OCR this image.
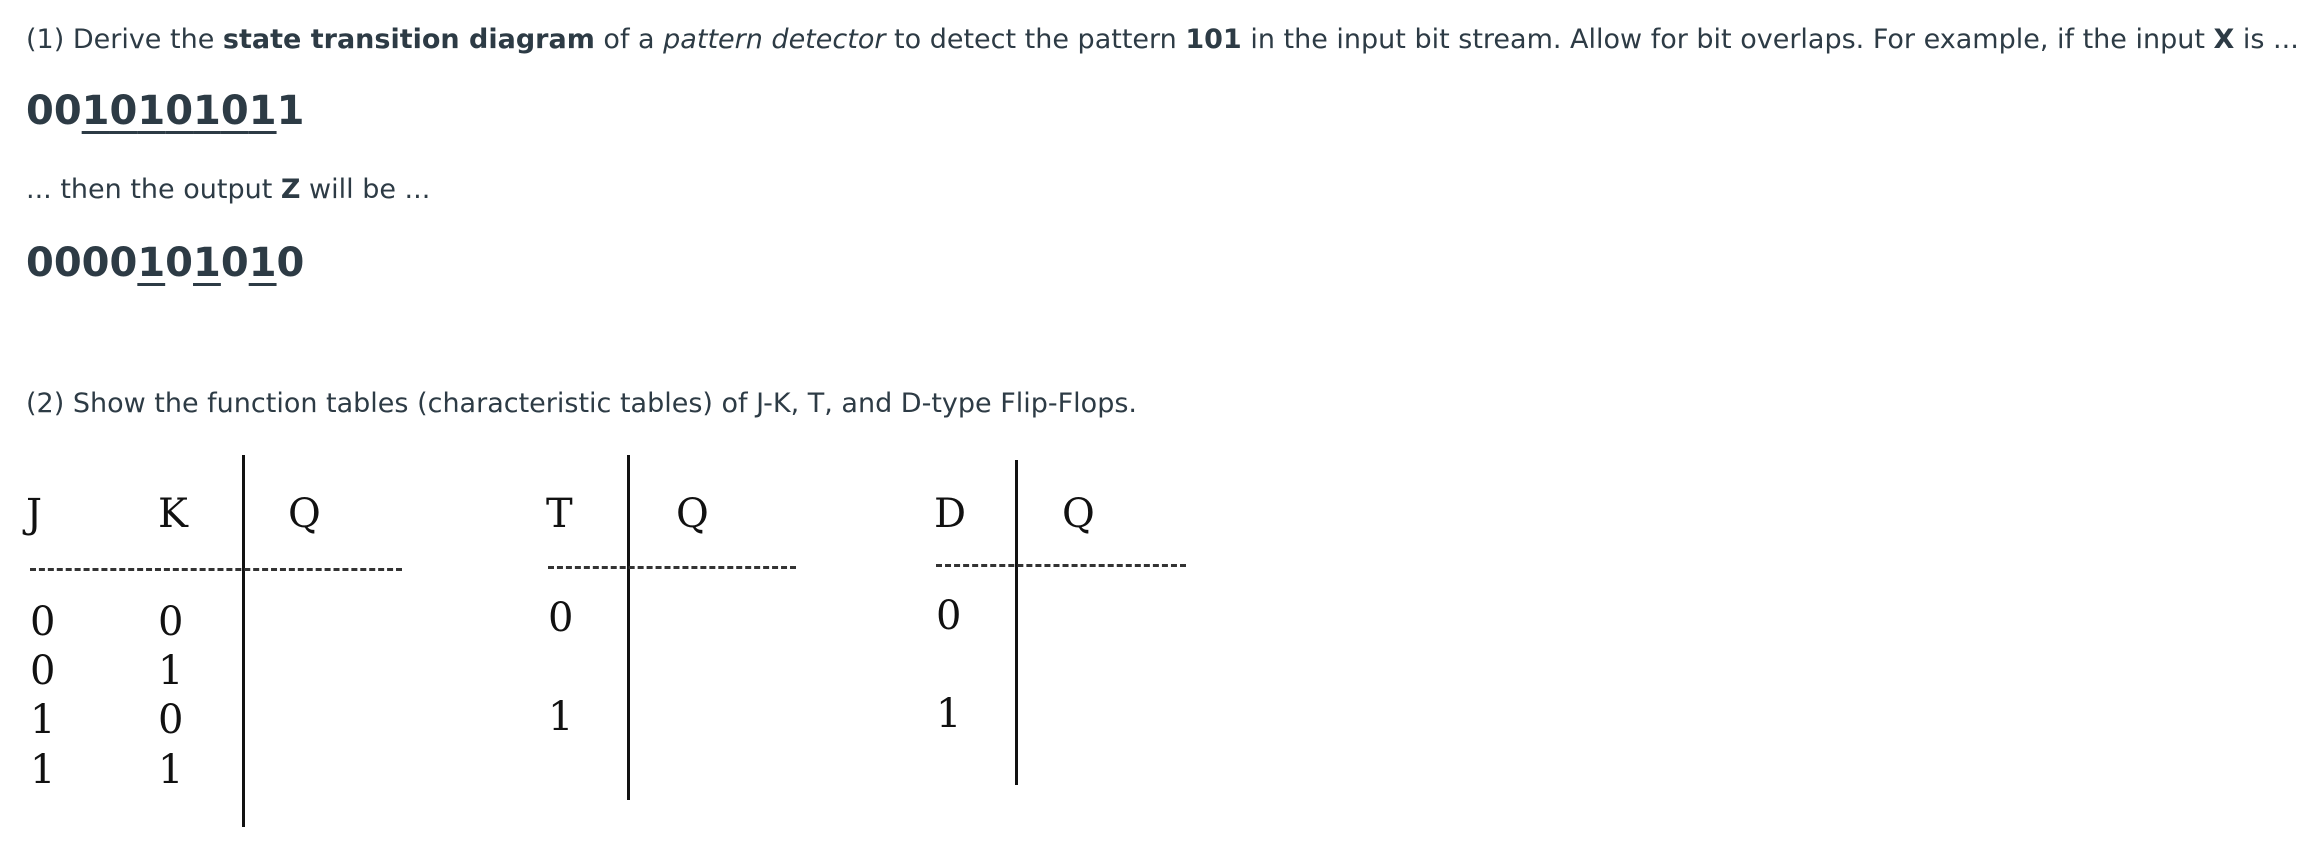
(1) Derive the state transition diagram of a pattern detector to detect the pattern 101 in the input bit stream. Allow for bit overlaps. For example, if the input X is ...
0010101011
... then the output Z will be ...
0000101010
(2) Show the function tables (characteristic tables) of J-K, T, and D-type Flip-Flops.
J	K	Q
0	0
0	1
1	0
1	1
T	Q
0
1
D Q
0
1
